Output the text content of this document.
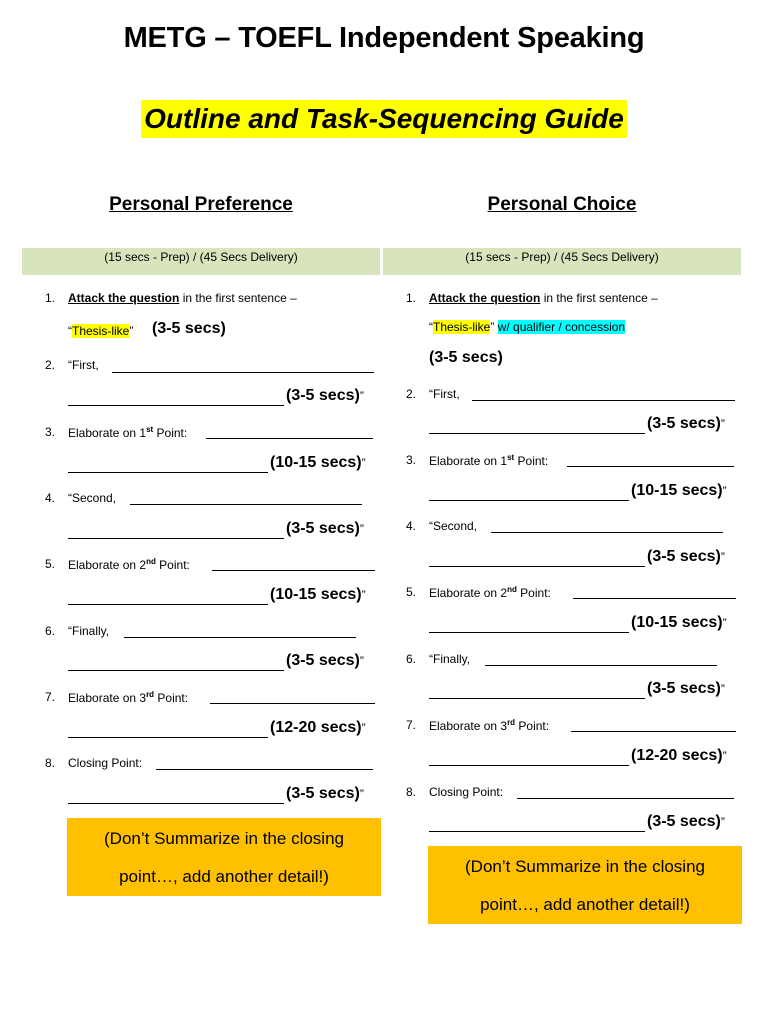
METG – TOEFL Independent Speaking
Outline and Task-Sequencing Guide
Personal Preference	Personal Choice
(15 secs - Prep) / (45 Secs Delivery)	(15 secs - Prep) / (45 Secs Delivery)
1. Attack the question in the first sentence –
“Thesis-like” (3-5 secs)
2. “First,
(3-5 secs)”
3. Elaborate on 1st Point:
(10-15 secs)”
4. “Second,
(3-5 secs)”
5. Elaborate on 2nd Point:
(10-15 secs)”
6. “Finally,
(3-5 secs)”
7. Elaborate on 3rd Point:
(12-20 secs)”
8. Closing Point:
(3-5 secs)”
(Don’t Summarize in the closing
point…, add another detail!)
1. Attack the question in the first sentence –
“Thesis-like” w/ qualifier / concession
(3-5 secs)
2. “First,
(3-5 secs)”
3. Elaborate on 1st Point:
(10-15 secs)”
4. “Second,
(3-5 secs)”
5. Elaborate on 2nd Point:
(10-15 secs)”
6. “Finally,
(3-5 secs)”
7. Elaborate on 3rd Point:
(12-20 secs)”
8. Closing Point:
(3-5 secs)”
(Don’t Summarize in the closing
point…, add another detail!)
